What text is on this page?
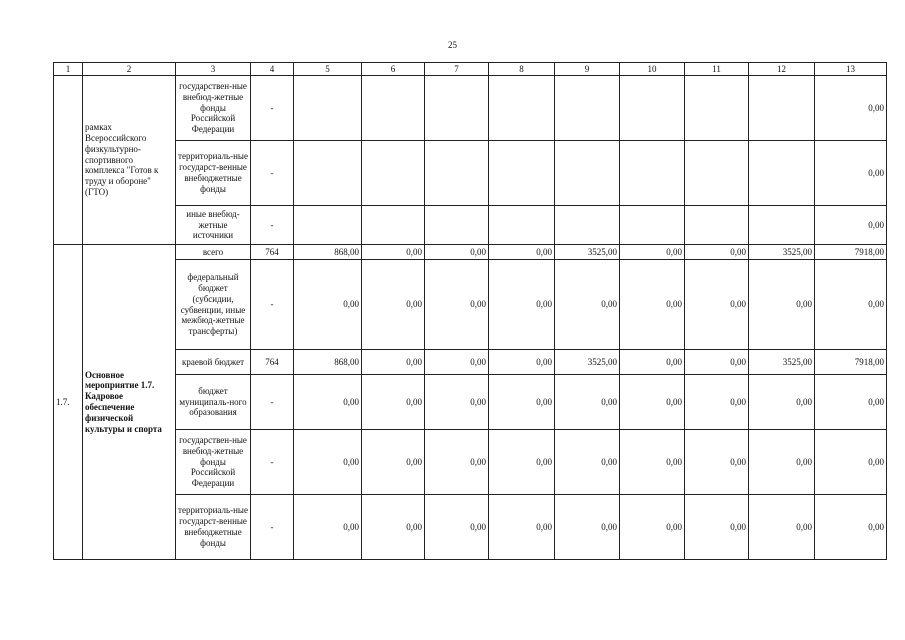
25
1	2	3	4	5	6	7	8	9	10	11	12	13
	рамках Всероссийского физкультурно-спортивного комплекса "Готов к труду и обороне" (ГТО)	государствен-ные внебюд-жетные фонды Российской Федерации	-									0,00
		территориаль-ные государст-венные внебюджетные фонды	-									0,00
		иные внебюд-жетные источники	-									0,00
1.7.	Основное мероприятие 1.7. Кадровое обеспечение физической культуры и спорта	всего	764	868,00	0,00	0,00	0,00	3525,00	0,00	0,00	3525,00	7918,00
		федеральный бюджет (субсидии, субвенции, иные межбюд-жетные трансферты)	-	0,00	0,00	0,00	0,00	0,00	0,00	0,00	0,00	0,00
		краевой бюджет	764	868,00	0,00	0,00	0,00	3525,00	0,00	0,00	3525,00	7918,00
		бюджет муниципаль-ного образования	-	0,00	0,00	0,00	0,00	0,00	0,00	0,00	0,00	0,00
		государствен-ные внебюд-жетные фонды Российской Федерации	-	0,00	0,00	0,00	0,00	0,00	0,00	0,00	0,00	0,00
		территориаль-ные государст-венные внебюджетные фонды	-	0,00	0,00	0,00	0,00	0,00	0,00	0,00	0,00	0,00
